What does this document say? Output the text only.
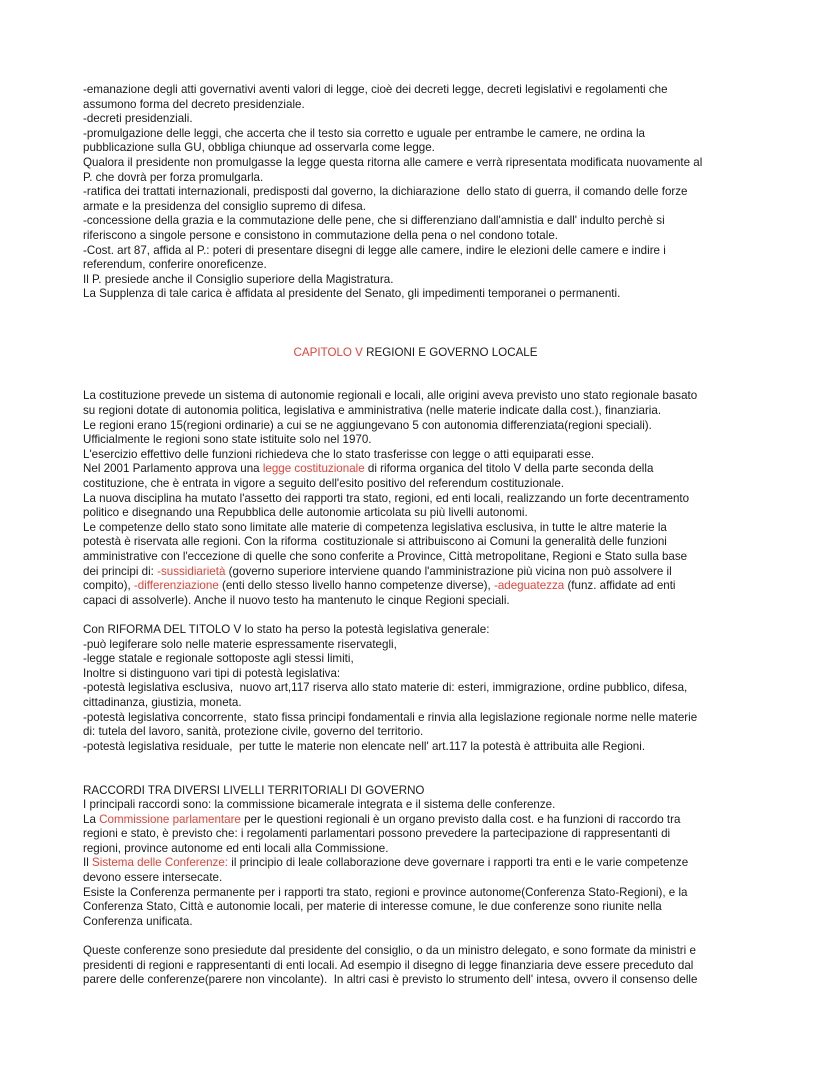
-emanazione degli atti governativi aventi valori di legge, cioè dei decreti legge, decreti legislativi e regolamenti che
assumono forma del decreto presidenziale.
-decreti presidenziali.
-promulgazione delle leggi, che accerta che il testo sia corretto e uguale per entrambe le camere, ne ordina la
pubblicazione sulla GU, obbliga chiunque ad osservarla come legge.
Qualora il presidente non promulgasse la legge questa ritorna alle camere e verrà ripresentata modificata nuovamente al
P. che dovrà per forza promulgarla.
-ratifica dei trattati internazionali, predisposti dal governo, la dichiarazione  dello stato di guerra, il comando delle forze
armate e la presidenza del consiglio supremo di difesa.
-concessione della grazia e la commutazione delle pene, che si differenziano dall'amnistia e dall' indulto perchè si
riferiscono a singole persone e consistono in commutazione della pena o nel condono totale.
-Cost. art 87, affida al P.: poteri di presentare disegni di legge alle camere, indire le elezioni delle camere e indire i
referendum, conferire onoreficenze.
Il P. presiede anche il Consiglio superiore della Magistratura.
La Supplenza di tale carica è affidata al presidente del Senato, gli impedimenti temporanei o permanenti.
CAPITOLO V REGIONI E GOVERNO LOCALE
La costituzione prevede un sistema di autonomie regionali e locali, alle origini aveva previsto uno stato regionale basato
su regioni dotate di autonomia politica, legislativa e amministrativa (nelle materie indicate dalla cost.), finanziaria.
Le regioni erano 15(regioni ordinarie) a cui se ne aggiungevano 5 con autonomia differenziata(regioni speciali).
Ufficialmente le regioni sono state istituite solo nel 1970.
L'esercizio effettivo delle funzioni richiedeva che lo stato trasferisse con legge o atti equiparati esse.
Nel 2001 Parlamento approva una legge costituzionale di riforma organica del titolo V della parte seconda della
costituzione, che è entrata in vigore a seguito dell'esito positivo del referendum costituzionale.
La nuova disciplina ha mutato l'assetto dei rapporti tra stato, regioni, ed enti locali, realizzando un forte decentramento
politico e disegnando una Repubblica delle autonomie articolata su più livelli autonomi.
Le competenze dello stato sono limitate alle materie di competenza legislativa esclusiva, in tutte le altre materie la
potestà è riservata alle regioni. Con la riforma  costituzionale si attribuiscono ai Comuni la generalità delle funzioni
amministrative con l'eccezione di quelle che sono conferite a Province, Città metropolitane, Regioni e Stato sulla base
dei principi di: -sussidiarietà (governo superiore interviene quando l'amministrazione più vicina non può assolvere il
compito), -differenziazione (enti dello stesso livello hanno competenze diverse), -adeguatezza (funz. affidate ad enti
capaci di assolverle). Anche il nuovo testo ha mantenuto le cinque Regioni speciali.
Con RIFORMA DEL TITOLO V lo stato ha perso la potestà legislativa generale:
-può legiferare solo nelle materie espressamente riservategli,
-legge statale e regionale sottoposte agli stessi limiti,
Inoltre si distinguono vari tipi di potestà legislativa:
-potestà legislativa esclusiva,  nuovo art,117 riserva allo stato materie di: esteri, immigrazione, ordine pubblico, difesa,
cittadinanza, giustizia, moneta.
-potestà legislativa concorrente,  stato fissa principi fondamentali e rinvia alla legislazione regionale norme nelle materie
di: tutela del lavoro, sanità, protezione civile, governo del territorio.
-potestà legislativa residuale,  per tutte le materie non elencate nell' art.117 la potestà è attribuita alle Regioni.
RACCORDI TRA DIVERSI LIVELLI TERRITORIALI DI GOVERNO
I principali raccordi sono: la commissione bicamerale integrata e il sistema delle conferenze.
La Commissione parlamentare per le questioni regionali è un organo previsto dalla cost. e ha funzioni di raccordo tra
regioni e stato, è previsto che: i regolamenti parlamentari possono prevedere la partecipazione di rappresentanti di
regioni, province autonome ed enti locali alla Commissione.
Il Sistema delle Conferenze: il principio di leale collaborazione deve governare i rapporti tra enti e le varie competenze
devono essere intersecate.
Esiste la Conferenza permanente per i rapporti tra stato, regioni e province autonome(Conferenza Stato-Regioni), e la
Conferenza Stato, Città e autonomie locali, per materie di interesse comune, le due conferenze sono riunite nella
Conferenza unificata.
Queste conferenze sono presiedute dal presidente del consiglio, o da un ministro delegato, e sono formate da ministri e
presidenti di regioni e rappresentanti di enti locali. Ad esempio il disegno di legge finanziaria deve essere preceduto dal
parere delle conferenze(parere non vincolante).  In altri casi è previsto lo strumento dell' intesa, ovvero il consenso delle
